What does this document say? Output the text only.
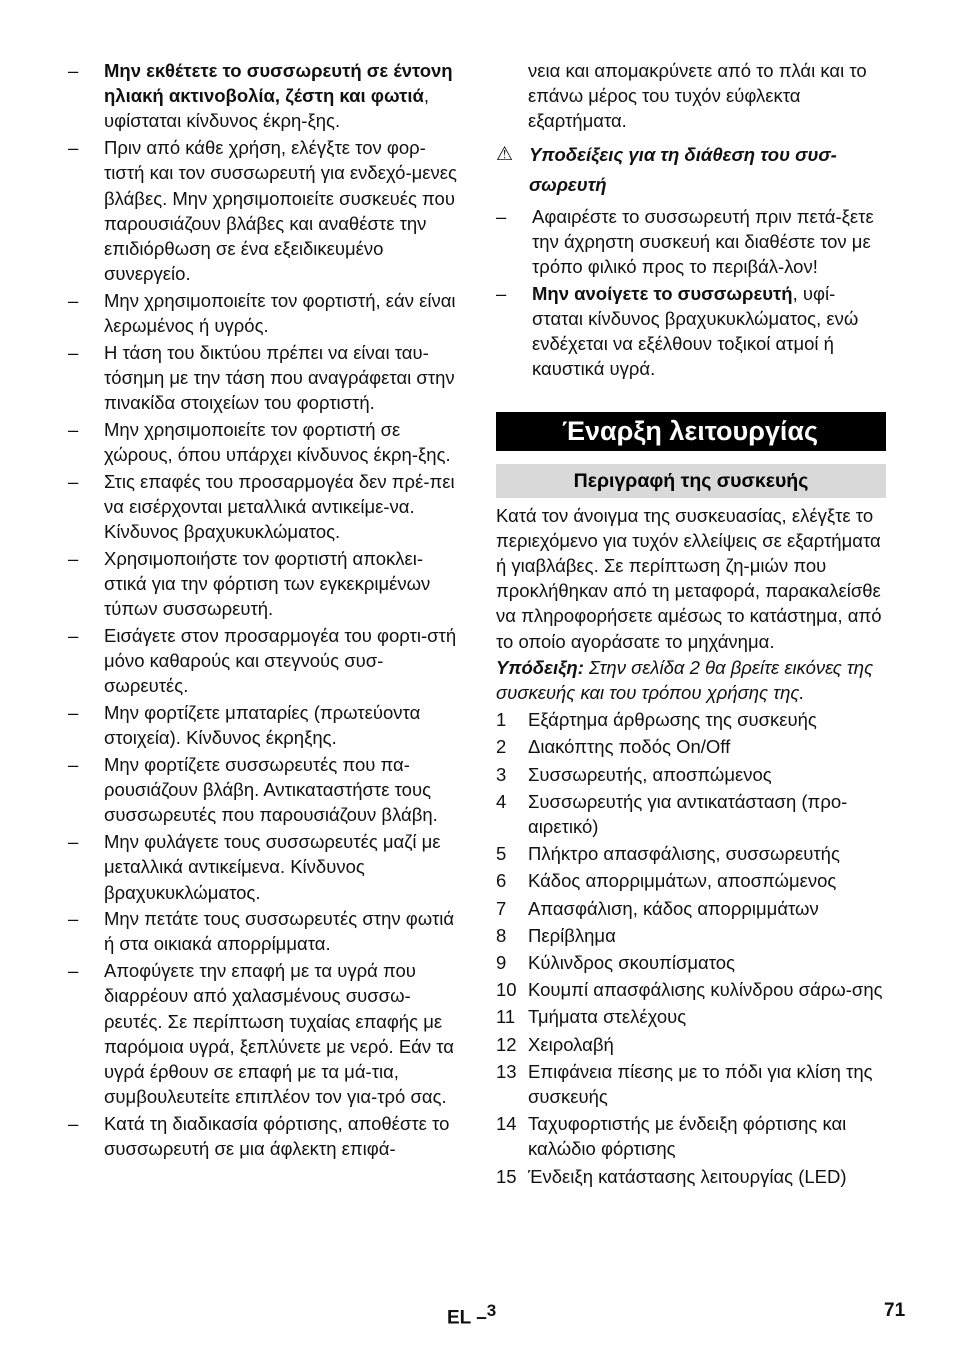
–	Μην εκθέτετε το συσσωρευτή σε έντονη ηλιακή ακτινοβολία, ζέστη και φωτιά, υφίσταται κίνδυνος έκρη-ξης.
–	Πριν από κάθε χρήση, ελέγξτε τον φορ-τιστή και τον συσσωρευτή για ενδεχό-μενες βλάβες. Μην χρησιμοποιείτε συσκευές που παρουσιάζουν βλάβες και αναθέστε την επιδιόρθωση σε ένα εξειδικευμένο συνεργείο.
–	Μην χρησιμοποιείτε τον φορτιστή, εάν είναι λερωμένος ή υγρός.
–	Η τάση του δικτύου πρέπει να είναι ταυ-τόσημη με την τάση που αναγράφεται στην πινακίδα στοιχείων του φορτιστή.
–	Μην χρησιμοποιείτε τον φορτιστή σε χώρους, όπου υπάρχει κίνδυνος έκρη-ξης.
–	Στις επαφές του προσαρμογέα δεν πρέ-πει να εισέρχονται μεταλλικά αντικείμε-να. Κίνδυνος βραχυκυκλώματος.
–	Χρησιμοποιήστε τον φορτιστή αποκλει-στικά για την φόρτιση των εγκεκριμένων τύπων συσσωρευτή.
–	Εισάγετε στον προσαρμογέα του φορτι-στή μόνο καθαρούς και στεγνούς συσ-σωρευτές.
–	Μην φορτίζετε μπαταρίες (πρωτεύοντα στοιχεία). Κίνδυνος έκρηξης.
–	Μην φορτίζετε συσσωρευτές που πα-ρουσιάζουν βλάβη. Αντικαταστήστε τους συσσωρευτές που παρουσιάζουν βλάβη.
–	Μην φυλάγετε τους συσσωρευτές μαζί με μεταλλικά αντικείμενα. Κίνδυνος βραχυκυκλώματος.
–	Μην πετάτε τους συσσωρευτές στην φωτιά ή στα οικιακά απορρίμματα.
–	Αποφύγετε την επαφή με τα υγρά που διαρρέουν από χαλασμένους συσσω-ρευτές. Σε περίπτωση τυχαίας επαφής με παρόμοια υγρά, ξεπλύνετε με νερό. Εάν τα υγρά έρθουν σε επαφή με τα μά-τια, συμβουλευτείτε επιπλέον τον για-τρό σας.
–	Κατά τη διαδικασία φόρτισης, αποθέστε το συσσωρευτή σε μια άφλεκτη επιφά-
νεια και απομακρύνετε από το πλάι και το επάνω μέρος του τυχόν εύφλεκτα εξαρτήματα.
⚠ Υποδείξεις για τη διάθεση του συσ-σωρευτή
–	Αφαιρέστε το συσσωρευτή πριν πετά-ξετε την άχρηστη συσκευή και διαθέστε τον με τρόπο φιλικό προς το περιβάλ-λον!
–	Μην ανοίγετε το συσσωρευτή, υφί-σταται κίνδυνος βραχυκυκλώματος, ενώ ενδέχεται να εξέλθουν τοξικοί ατμοί ή καυστικά υγρά.
Έναρξη λειτουργίας
Περιγραφή της συσκευής
Κατά τον άνοιγμα της συσκευασίας, ελέγξτε το περιεχόμενο για τυχόν ελλείψεις σε εξαρτήματα ή γιαβλάβες. Σε περίπτωση ζη-μιών που προκλήθηκαν από τη μεταφορά, παρακαλείσθε να πληροφορήσετε αμέσως το κατάστημα, από το οποίο αγοράσατε το μηχάνημα.
Υπόδειξη: Στην σελίδα 2 θα βρείτε εικόνες της συσκευής και του τρόπου χρήσης της.
1	Εξάρτημα άρθρωσης της συσκευής
2	Διακόπτης ποδός On/Off
3	Συσσωρευτής, αποσπώμενος
4	Συσσωρευτής για αντικατάσταση (προ-αιρετικό)
5	Πλήκτρο απασφάλισης, συσσωρευτής
6	Κάδος απορριμμάτων, αποσπώμενος
7	Απασφάλιση, κάδος απορριμμάτων
8	Περίβλημα
9	Κύλινδρος σκουπίσματος
10 Κουμπί απασφάλισης κυλίνδρου σάρω-σης
11 Τμήματα στελέχους
12 Χειρολαβή
13 Επιφάνεια πίεσης με το πόδι για κλίση της συσκευής
14 Ταχυφορτιστής με ένδειξη φόρτισης και καλώδιο φόρτισης
15 Ένδειξη κατάστασης λειτουργίας (LED)
EL –$^3$	71
